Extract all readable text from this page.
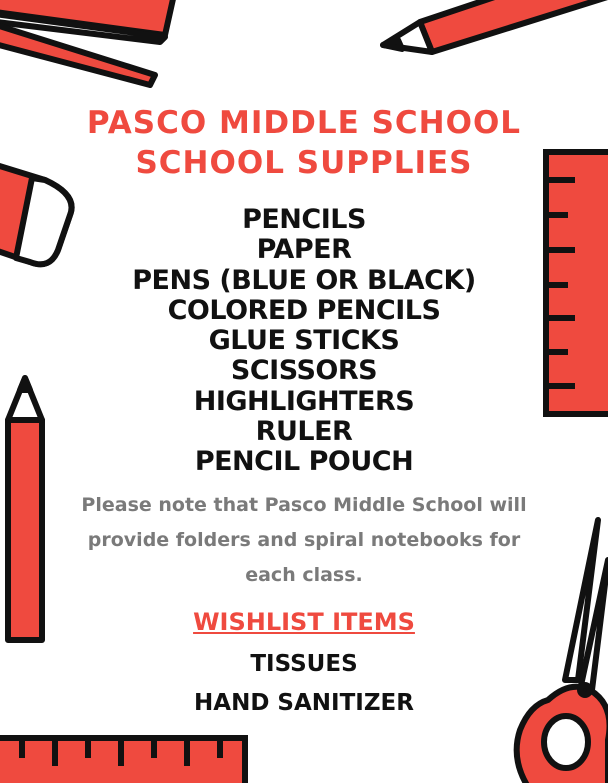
PASCO MIDDLE SCHOOL
SCHOOL SUPPLIES
PENCILS
PAPER
PENS (BLUE OR BLACK)
COLORED PENCILS
GLUE STICKS
SCISSORS
HIGHLIGHTERS
RULER
PENCIL POUCH
Please note that Pasco Middle School will provide folders and spiral notebooks for each class.
WISHLIST ITEMS
TISSUES
HAND SANITIZER
